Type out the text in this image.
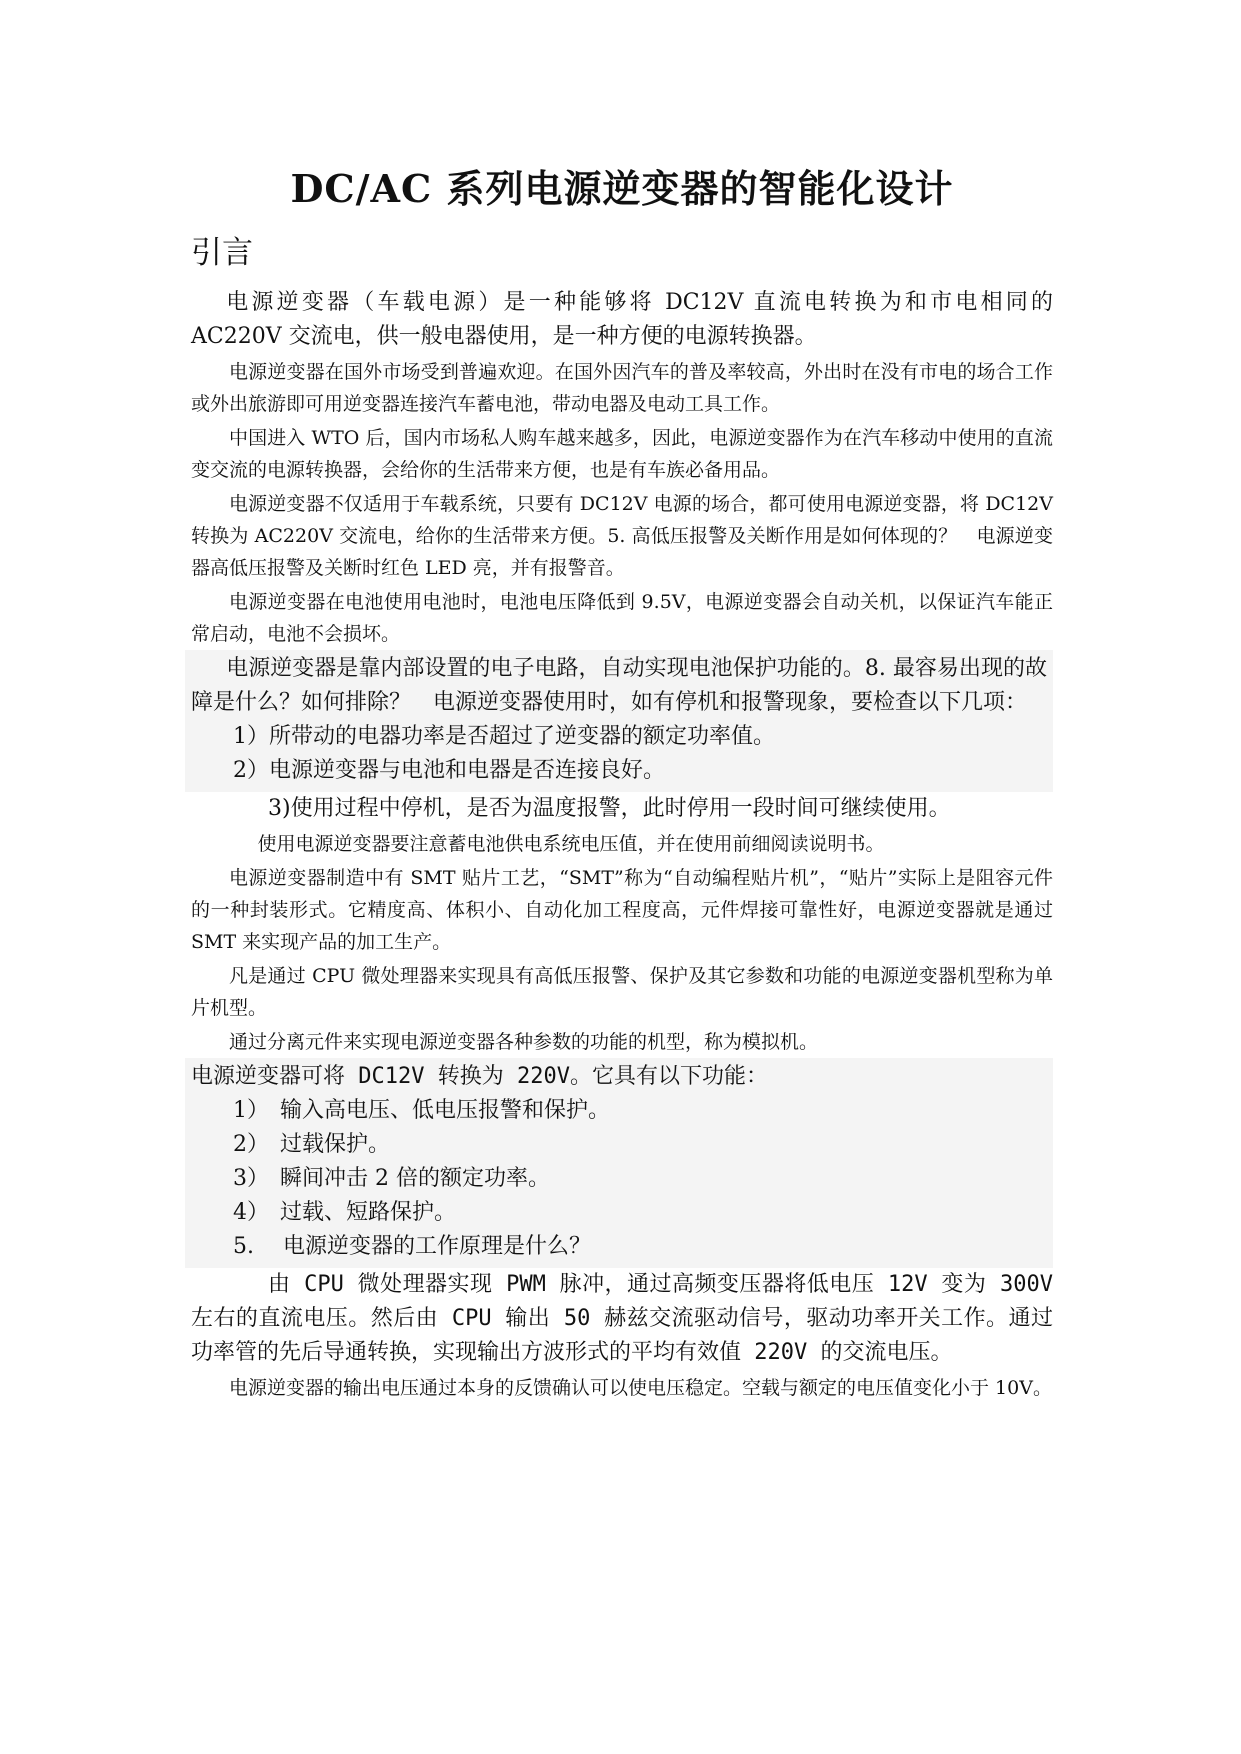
DC/AC 系列电源逆变器的智能化设计
引言

电源逆变器（车载电源）是一种能够将 DC12V 直流电转换为和市电相同的 AC220V 交流电，供一般电器使用，是一种方便的电源转换器。

电源逆变器在国外市场受到普遍欢迎。在国外因汽车的普及率较高，外出时在没有市电的场合工作或外出旅游即可用逆变器连接汽车蓄电池，带动电器及电动工具工作。

中国进入 WTO 后，国内市场私人购车越来越多，因此，电源逆变器作为在汽车移动中使用的直流变交流的电源转换器，会给你的生活带来方便，也是有车族必备用品。

电源逆变器不仅适用于车载系统，只要有 DC12V 电源的场合，都可使用电源逆变器，将 DC12V 转换为 AC220V 交流电，给你的生活带来方便。5. 高低压报警及关断作用是如何体现的？　电源逆变器高低压报警及关断时红色 LED 亮，并有报警音。

电源逆变器在电池使用电池时，电池电压降低到 9.5V，电源逆变器会自动关机，以保证汽车能正常启动，电池不会损坏。

电源逆变器是靠内部设置的电子电路，自动实现电池保护功能的。8. 最容易出现的故障是什么？如何排除？　电源逆变器使用时，如有停机和报警现象，要检查以下几项：

1）所带动的电器功率是否超过了逆变器的额定功率值。

2）电源逆变器与电池和电器是否连接良好。

3)使用过程中停机，是否为温度报警，此时停用一段时间可继续使用。

使用电源逆变器要注意蓄电池供电系统电压值，并在使用前细阅读说明书。

电源逆变器制造中有 SMT 贴片工艺，“SMT”称为“自动编程贴片机”，“贴片”实际上是阻容元件的一种封装形式。它精度高、体积小、自动化加工程度高，元件焊接可靠性好，电源逆变器就是通过 SMT 来实现产品的加工生产。

凡是通过 CPU 微处理器来实现具有高低压报警、保护及其它参数和功能的电源逆变器机型称为单片机型。

通过分离元件来实现电源逆变器各种参数的功能的机型，称为模拟机。

电源逆变器可将 DC12V 转换为 220V。它具有以下功能：

1）　输入高电压、低电压报警和保护。

2）　过载保护。

3）　瞬间冲击 2 倍的额定功率。

4）　过载、短路保护。

5.　 电源逆变器的工作原理是什么？

由 CPU 微处理器实现 PWM 脉冲，通过高频变压器将低电压 12V 变为 300V 左右的直流电压。然后由 CPU 输出 50 赫兹交流驱动信号，驱动功率开关工作。通过功率管的先后导通转换，实现输出方波形式的平均有效值 220V 的交流电压。

电源逆变器的输出电压通过本身的反馈确认可以使电压稳定。空载与额定的电压值变化小于 10V。
